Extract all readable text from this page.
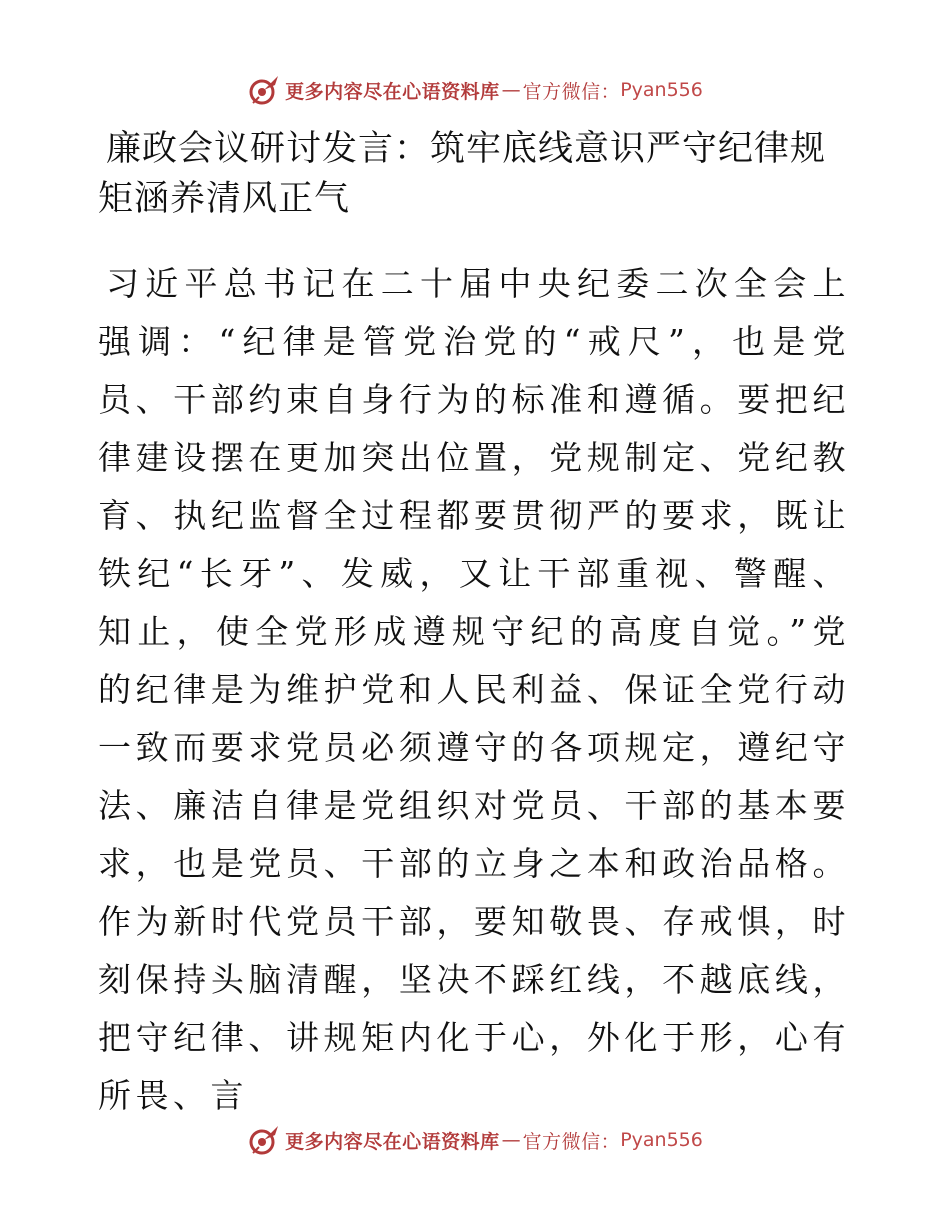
更多内容尽在心语资料库 — 官方微信： Pyan556
廉政会议研讨发言：筑牢底线意识严守纪律规矩涵养清风正气

习近平总书记在二十届中央纪委二次全会上强调：“纪律是管党治党的“戒尺”，也是党员、干部约束自身行为的标准和遵循。要把纪律建设摆在更加突出位置，党规制定、党纪教育、执纪监督全过程都要贯彻严的要求，既让铁纪“长牙”、发威，又让干部重视、警醒、知止，使全党形成遵规守纪的高度自觉。”党的纪律是为维护党和人民利益、保证全党行动一致而要求党员必须遵守的各项规定，遵纪守法、廉洁自律是党组织对党员、干部的基本要求，也是党员、干部的立身之本和政治品格。作为新时代党员干部，要知敬畏、存戒惧，时刻保持头脑清醒，坚决不踩红线，不越底线，把守纪律、讲规矩内化于心，外化于形，心有所畏、言

更多内容尽在心语资料库 — 官方微信： Pyan556
